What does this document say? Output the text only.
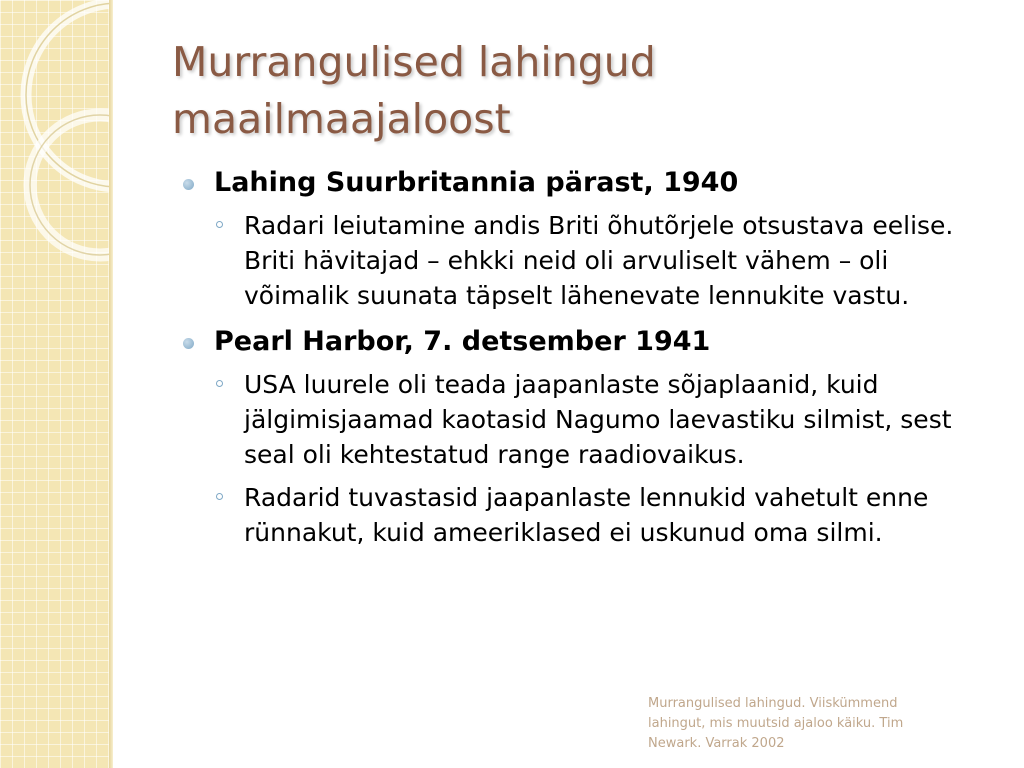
Murrangulised lahingud
maailmaajaloost
Lahing Suurbritannia pärast, 1940
Radari leiutamine andis Briti õhutõrjele otsustava eelise. Briti hävitajad – ehkki neid oli arvuliselt vähem – oli võimalik suunata täpselt lähenevate lennukite vastu.
Pearl Harbor, 7. detsember 1941
USA luurele oli teada jaapanlaste sõjaplaanid, kuid jälgimisjaamad kaotasid Nagumo laevastiku silmist, sest seal oli kehtestatud range raadiovaikus.
Radarid tuvastasid jaapanlaste lennukid vahetult enne rünnakut, kuid ameeriklased ei uskunud oma silmi.
Murrangulised lahingud. Viiskümmend lahingut, mis muutsid ajaloo käiku. Tim Newark. Varrak 2002
